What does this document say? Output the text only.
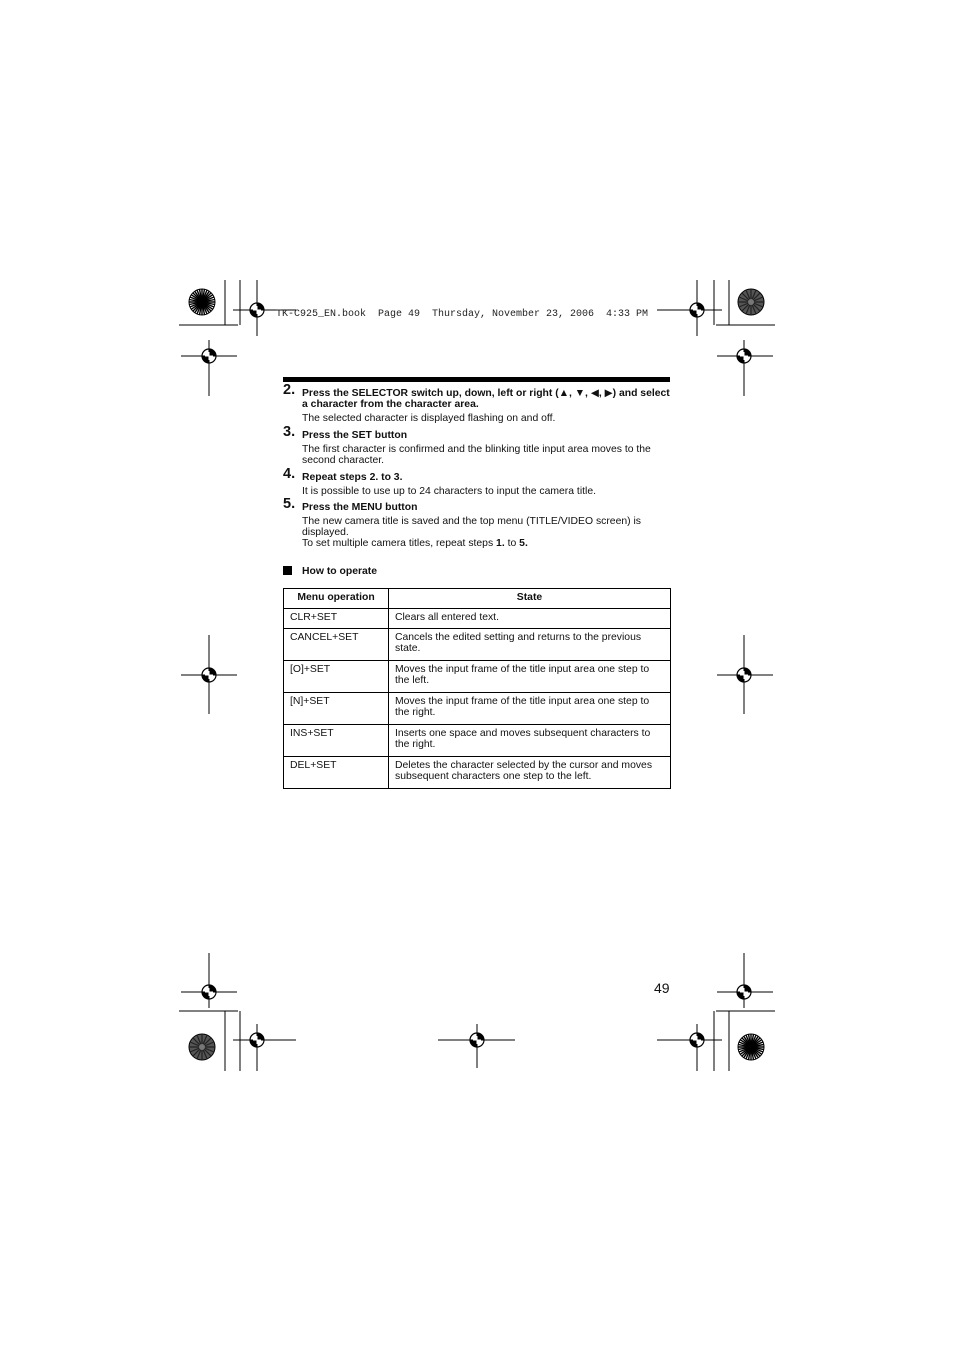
TK-C925_EN.book  Page 49  Thursday, November 23, 2006  4:33 PM
2. Press the SELECTOR switch up, down, left or right (▲, ▼, ◀, ▶) and select a character from the character area.
The selected character is displayed flashing on and off.
3. Press the SET button
The first character is confirmed and the blinking title input area moves to the second character.
4. Repeat steps 2. to 3.
It is possible to use up to 24 characters to input the camera title.
5. Press the MENU button
The new camera title is saved and the top menu (TITLE/VIDEO screen) is displayed.
To set multiple camera titles, repeat steps 1. to 5.
How to operate
Menu operation	State
CLR+SET	Clears all entered text.
CANCEL+SET	Cancels the edited setting and returns to the previous state.
[O]+SET	Moves the input frame of the title input area one step to the left.
[N]+SET	Moves the input frame of the title input area one step to the right.
INS+SET	Inserts one space and moves subsequent characters to the right.
DEL+SET	Deletes the character selected by the cursor and moves subsequent characters one step to the left.
49
